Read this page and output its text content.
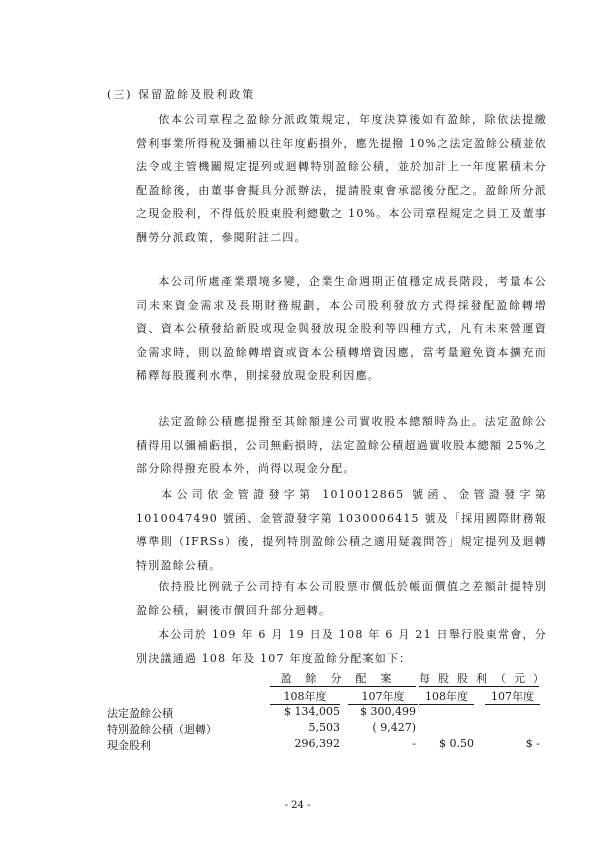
(三) 保留盈餘及股利政策
依本公司章程之盈餘分派政策規定，年度決算後如有盈餘，除依法提繳營利事業所得稅及彌補以往年度虧損外，應先提撥 10%之法定盈餘公積並依法令或主管機關規定提列或迴轉特別盈餘公積，並於加計上一年度累積未分配盈餘後，由董事會擬具分派辦法，提請股東會承認後分配之。盈餘所分派之現金股利，不得低於股東股利總數之 10%。本公司章程規定之員工及董事酬勞分派政策，參閱附註二四。
本公司所處產業環境多變，企業生命週期正值穩定成長階段，考量本公司未來資金需求及長期財務規劃，本公司股利發放方式得採發配盈餘轉增資、資本公積發給新股或現金與發放現金股利等四種方式，凡有未來營運資金需求時，則以盈餘轉增資或資本公積轉增資因應，當考量避免資本擴充而稀釋每股獲利水準，則採發放現金股利因應。
法定盈餘公積應提撥至其餘額達公司實收股本總額時為止。法定盈餘公積得用以彌補虧損，公司無虧損時，法定盈餘公積超過實收股本總額 25%之部分除得撥充股本外，尚得以現金分配。
本公司依金管證發字第 1010012865 號函、金管證發字第1010047490 號函、金管證發字第 1030006415 號及「採用國際財務報導準則（IFRSs）後，提列特別盈餘公積之適用疑義問答」規定提列及迴轉特別盈餘公積。
依持股比例就子公司持有本公司股票市價低於帳面價值之差額計提特別盈餘公積，嗣後市價回升部分迴轉。
本公司於 109 年 6 月 19 日及 108 年 6 月 21 日舉行股東常會，分別決議通過 108 年及 107 年度盈餘分配案如下：
盈餘分配案	每股股利（元）
108年度	107年度	108年度	107年度
法定盈餘公積	$ 134,005	$ 300,499
特別盈餘公積（迴轉）	5,503	( 9,427)
現金股利	296,392	-	$ 0.50	$ -
- 24 -
